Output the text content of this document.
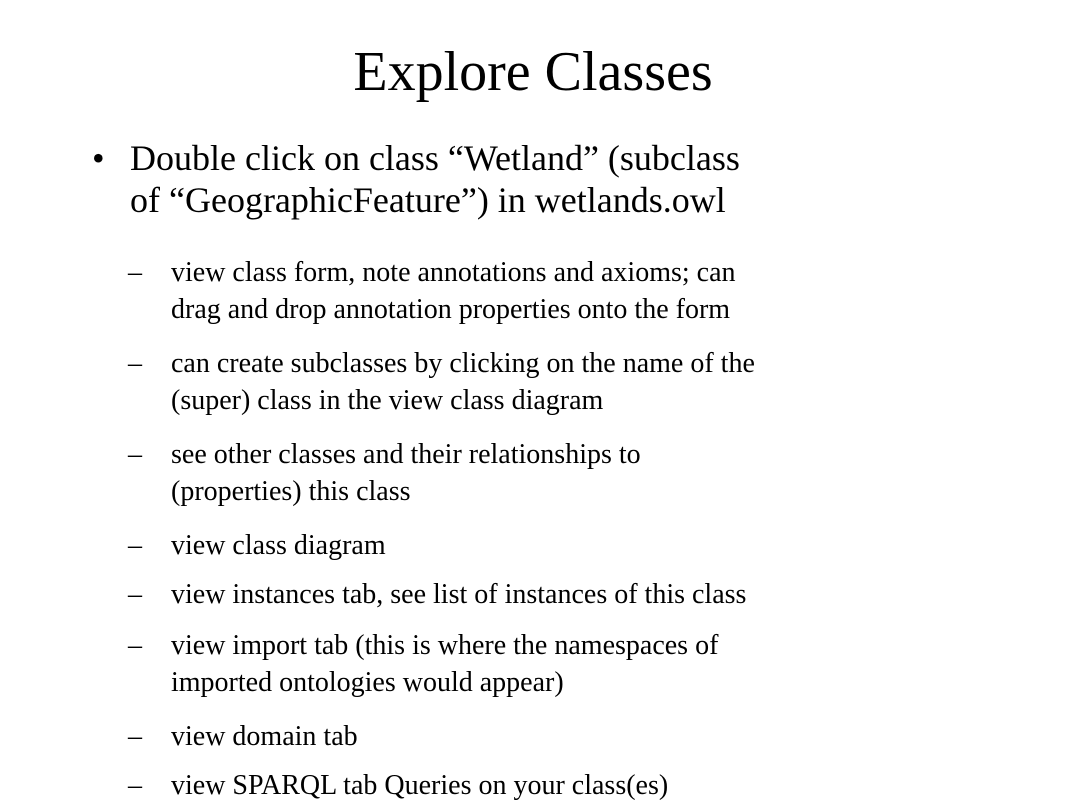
Explore Classes
• Double click on class “Wetland” (subclass
of “GeographicFeature”) in wetlands.owl
–	view class form, note annotations and axioms; can
drag and drop annotation properties onto the form
–	can create subclasses by clicking on the name of the
(super) class in the view class diagram
–	see other classes and their relationships to
(properties) this class
–	view class diagram
–	view instances tab, see list of instances of this class
–	view import tab (this is where the namespaces of
imported ontologies would appear)
–	view domain tab
–	view SPARQL tab Queries on your class(es)
